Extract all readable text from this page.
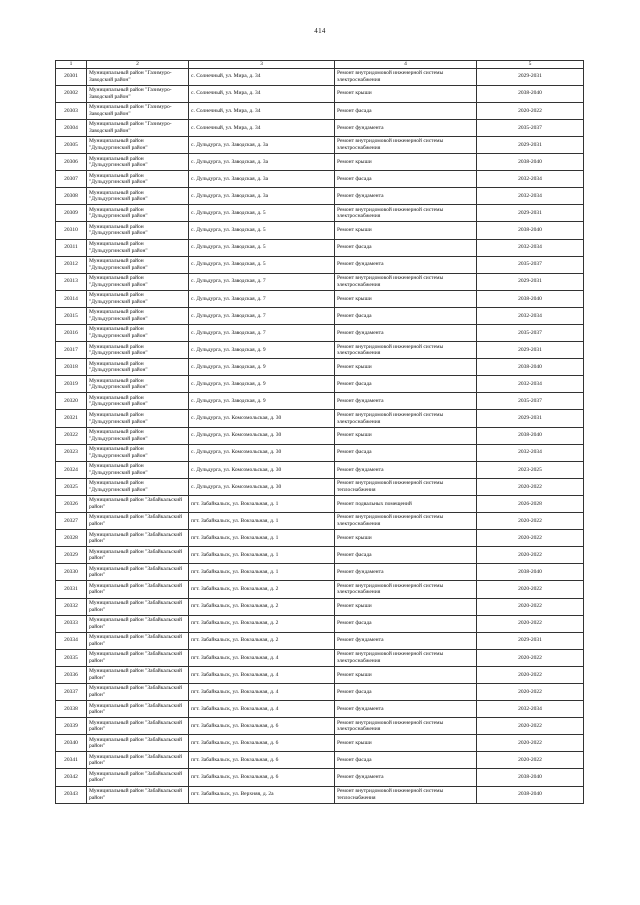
414
1	2	3	4	5
20301	Муниципальный район "Газимуро-Заводский район"	с. Солнечный, ул. Мира, д. 34	Ремонт внутридомовой инженерной системы электроснабжения	2029-2031
20302	Муниципальный район "Газимуро-Заводский район"	с. Солнечный, ул. Мира, д. 34	Ремонт крыши	2038-2040
20303	Муниципальный район "Газимуро-Заводский район"	с. Солнечный, ул. Мира, д. 34	Ремонт фасада	2020-2022
20304	Муниципальный район "Газимуро-Заводский район"	с. Солнечный, ул. Мира, д. 34	Ремонт фундамента	2035-2037
20305	Муниципальный район "Дульдургинский район"	с. Дульдурга, ул. Заводская, д. 3а	Ремонт внутридомовой инженерной системы электроснабжения	2029-2031
20306	Муниципальный район "Дульдургинский район"	с. Дульдурга, ул. Заводская, д. 3а	Ремонт крыши	2038-2040
20307	Муниципальный район "Дульдургинский район"	с. Дульдурга, ул. Заводская, д. 3а	Ремонт фасада	2032-2034
20308	Муниципальный район "Дульдургинский район"	с. Дульдурга, ул. Заводская, д. 3а	Ремонт фундамента	2032-2034
20309	Муниципальный район "Дульдургинский район"	с. Дульдурга, ул. Заводская, д. 5	Ремонт внутридомовой инженерной системы электроснабжения	2029-2031
20310	Муниципальный район "Дульдургинский район"	с. Дульдурга, ул. Заводская, д. 5	Ремонт крыши	2038-2040
20311	Муниципальный район "Дульдургинский район"	с. Дульдурга, ул. Заводская, д. 5	Ремонт фасада	2032-2034
20312	Муниципальный район "Дульдургинский район"	с. Дульдурга, ул. Заводская, д. 5	Ремонт фундамента	2035-2037
20313	Муниципальный район "Дульдургинский район"	с. Дульдурга, ул. Заводская, д. 7	Ремонт внутридомовой инженерной системы электроснабжения	2029-2031
20314	Муниципальный район "Дульдургинский район"	с. Дульдурга, ул. Заводская, д. 7	Ремонт крыши	2038-2040
20315	Муниципальный район "Дульдургинский район"	с. Дульдурга, ул. Заводская, д. 7	Ремонт фасада	2032-2034
20316	Муниципальный район "Дульдургинский район"	с. Дульдурга, ул. Заводская, д. 7	Ремонт фундамента	2035-2037
20317	Муниципальный район "Дульдургинский район"	с. Дульдурга, ул. Заводская, д. 9	Ремонт внутридомовой инженерной системы электроснабжения	2029-2031
20318	Муниципальный район "Дульдургинский район"	с. Дульдурга, ул. Заводская, д. 9	Ремонт крыши	2038-2040
20319	Муниципальный район "Дульдургинский район"	с. Дульдурга, ул. Заводская, д. 9	Ремонт фасада	2032-2034
20320	Муниципальный район "Дульдургинский район"	с. Дульдурга, ул. Заводская, д. 9	Ремонт фундамента	2035-2037
20321	Муниципальный район "Дульдургинский район"	с. Дульдурга, ул. Комсомольская, д. 30	Ремонт внутридомовой инженерной системы электроснабжения	2029-2031
20322	Муниципальный район "Дульдургинский район"	с. Дульдурга, ул. Комсомольская, д. 30	Ремонт крыши	2038-2040
20323	Муниципальный район "Дульдургинский район"	с. Дульдурга, ул. Комсомольская, д. 30	Ремонт фасада	2032-2034
20324	Муниципальный район "Дульдургинский район"	с. Дульдурга, ул. Комсомольская, д. 30	Ремонт фундамента	2023-2025
20325	Муниципальный район "Дульдургинский район"	с. Дульдурга, ул. Комсомольская, д. 30	Ремонт внутридомовой инженерной системы теплоснабжения	2020-2022
20326	Муниципальный район "Забайкальский район"	пгт. Забайкальск, ул. Вокзальная, д. 1	Ремонт подвальных помещений	2026-2028
20327	Муниципальный район "Забайкальский район"	пгт. Забайкальск, ул. Вокзальная, д. 1	Ремонт внутридомовой инженерной системы электроснабжения	2020-2022
20328	Муниципальный район "Забайкальский район"	пгт. Забайкальск, ул. Вокзальная, д. 1	Ремонт крыши	2020-2022
20329	Муниципальный район "Забайкальский район"	пгт. Забайкальск, ул. Вокзальная, д. 1	Ремонт фасада	2020-2022
20330	Муниципальный район "Забайкальский район"	пгт. Забайкальск, ул. Вокзальная, д. 1	Ремонт фундамента	2038-2040
20331	Муниципальный район "Забайкальский район"	пгт. Забайкальск, ул. Вокзальная, д. 2	Ремонт внутридомовой инженерной системы электроснабжения	2020-2022
20332	Муниципальный район "Забайкальский район"	пгт. Забайкальск, ул. Вокзальная, д. 2	Ремонт крыши	2020-2022
20333	Муниципальный район "Забайкальский район"	пгт. Забайкальск, ул. Вокзальная, д. 2	Ремонт фасада	2020-2022
20334	Муниципальный район "Забайкальский район"	пгт. Забайкальск, ул. Вокзальная, д. 2	Ремонт фундамента	2029-2031
20335	Муниципальный район "Забайкальский район"	пгт. Забайкальск, ул. Вокзальная, д. 4	Ремонт внутридомовой инженерной системы электроснабжения	2020-2022
20336	Муниципальный район "Забайкальский район"	пгт. Забайкальск, ул. Вокзальная, д. 4	Ремонт крыши	2020-2022
20337	Муниципальный район "Забайкальский район"	пгт. Забайкальск, ул. Вокзальная, д. 4	Ремонт фасада	2020-2022
20338	Муниципальный район "Забайкальский район"	пгт. Забайкальск, ул. Вокзальная, д. 4	Ремонт фундамента	2032-2034
20339	Муниципальный район "Забайкальский район"	пгт. Забайкальск, ул. Вокзальная, д. 6	Ремонт внутридомовой инженерной системы электроснабжения	2020-2022
20340	Муниципальный район "Забайкальский район"	пгт. Забайкальск, ул. Вокзальная, д. 6	Ремонт крыши	2020-2022
20341	Муниципальный район "Забайкальский район"	пгт. Забайкальск, ул. Вокзальная, д. 6	Ремонт фасада	2020-2022
20342	Муниципальный район "Забайкальский район"	пгт. Забайкальск, ул. Вокзальная, д. 6	Ремонт фундамента	2038-2040
20343	Муниципальный район "Забайкальский район"	пгт. Забайкальск, ул. Верхняя, д. 2а	Ремонт внутридомовой инженерной системы теплоснабжения	2038-2040
